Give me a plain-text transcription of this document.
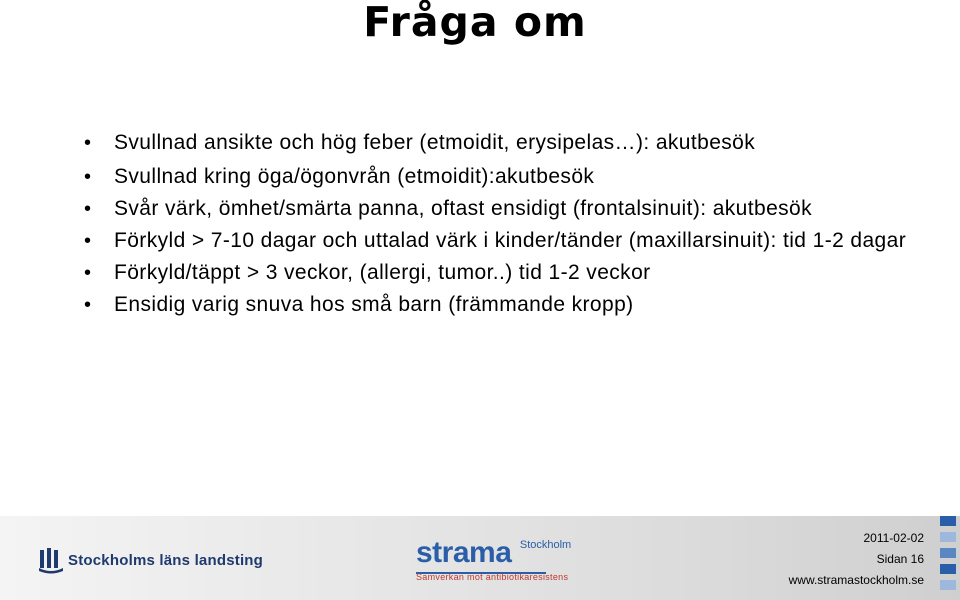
Fråga om
• Svullnad ansikte och hög feber (etmoidit, erysipelas…): akutbesök
• Svullnad kring öga/ögonvrån (etmoidit):akutbesök
• Svår värk, ömhet/smärta panna, oftast ensidigt (frontalsinuit): akutbesök
• Förkyld > 7-10 dagar och uttalad värk i kinder/tänder (maxillarsinuit): tid 1-2 dagar
• Förkyld/täppt > 3 veckor, (allergi, tumor..) tid 1-2 veckor
• Ensidig varig snuva hos små barn (främmande kropp)
Stockholms läns landsting	strama $^{Stockholm}$
Samverkan mot antibiotikaresistens
2011-02-02
Sidan 16
www.stramastockholm.se
